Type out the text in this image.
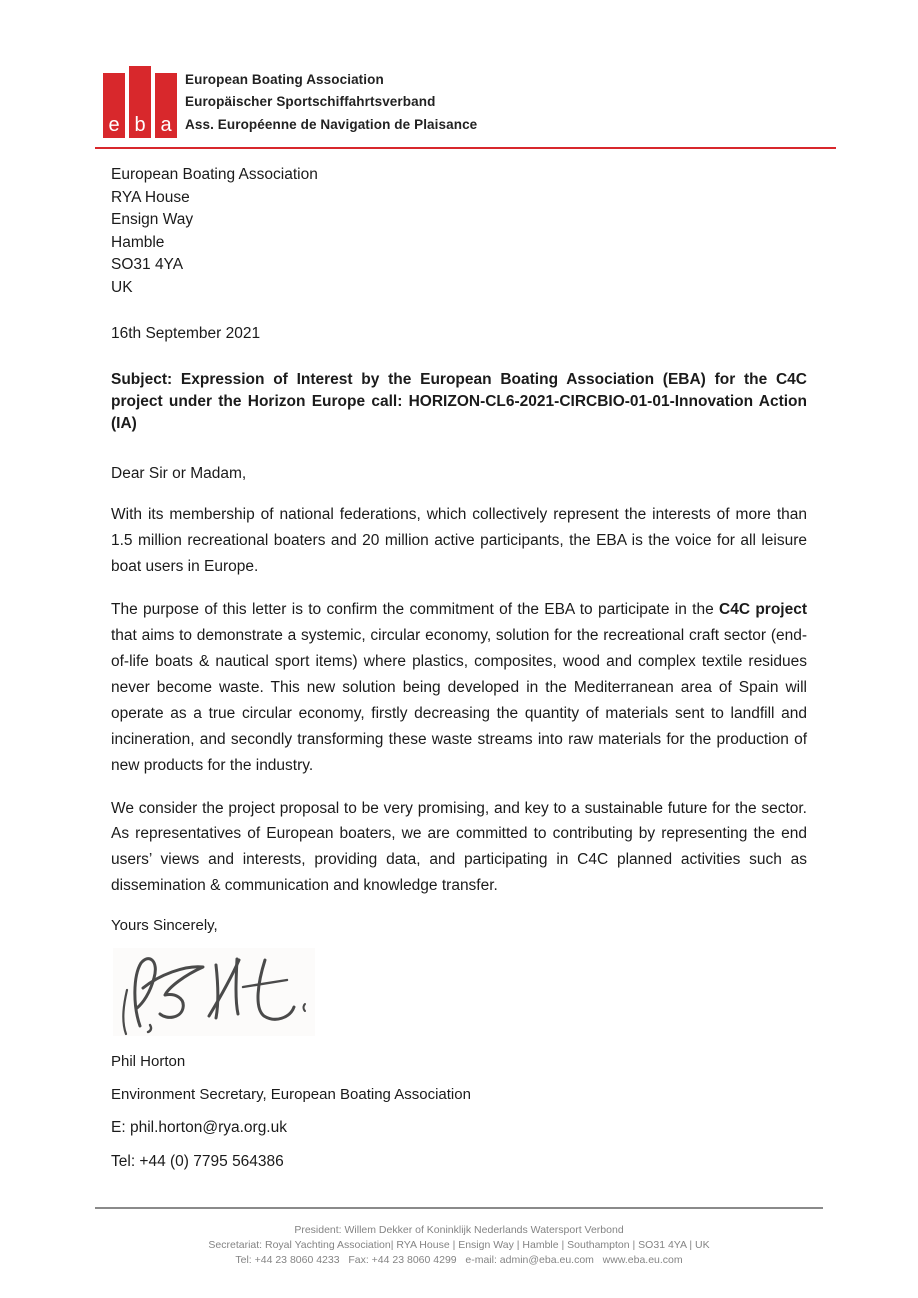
e b a
European Boating Association
Europäischer Sportschiffahrtsverband
Ass. Européenne de Navigation de Plaisance
European Boating Association
RYA House
Ensign Way
Hamble
SO31 4YA
UK
16th September 2021
Subject: Expression of Interest by the European Boating Association (EBA) for the C4C project under the Horizon Europe call: HORIZON-CL6-2021-CIRCBIO-01-01-Innovation Action (IA)
Dear Sir or Madam,

With its membership of national federations, which collectively represent the interests of more than 1.5 million recreational boaters and 20 million active participants, the EBA is the voice for all leisure boat users in Europe.

The purpose of this letter is to confirm the commitment of the EBA to participate in the C4C project that aims to demonstrate a systemic, circular economy, solution for the recreational craft sector (end-of-life boats & nautical sport items) where plastics, composites, wood and complex textile residues never become waste. This new solution being developed in the Mediterranean area of Spain will operate as a true circular economy, firstly decreasing the quantity of materials sent to landfill and incineration, and secondly transforming these waste streams into raw materials for the production of new products for the industry.

We consider the project proposal to be very promising, and key to a sustainable future for the sector. As representatives of European boaters, we are committed to contributing by representing the end users’ views and interests, providing data, and participating in C4C planned activities such as dissemination & communication and knowledge transfer.

Yours Sincerely,
Phil Horton
Environment Secretary, European Boating Association
E: phil.horton@rya.org.uk
Tel: +44 (0) 7795 564386
President: Willem Dekker of Koninklijk Nederlands Watersport Verbond
Secretariat: Royal Yachting Association| RYA House | Ensign Way | Hamble | Southampton | SO31 4YA | UK
Tel: +44 23 8060 4233   Fax: +44 23 8060 4299   e-mail: admin@eba.eu.com   www.eba.eu.com
